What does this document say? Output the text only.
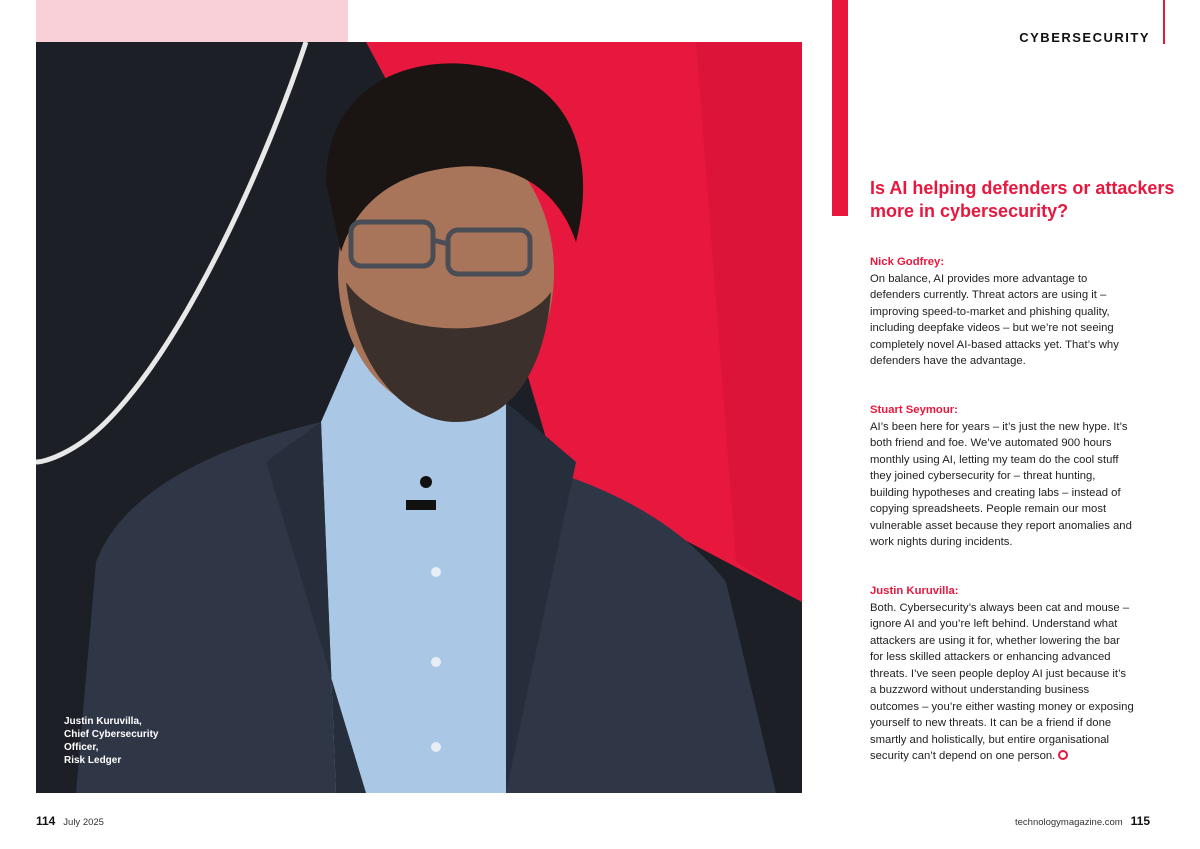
Justin Kuruvilla,
Chief Cybersecurity
Officer,
Risk Ledger
CYBERSECURITY
Is AI helping defenders or attackers more in cybersecurity?
Nick Godfrey:

On balance, AI provides more advantage to defenders currently. Threat actors are using it – improving speed-to-market and phishing quality, including deepfake videos – but we’re not seeing completely novel AI-based attacks yet. That’s why defenders have the advantage.

Stuart Seymour:

AI’s been here for years – it’s just the new hype. It’s both friend and foe. We’ve automated 900 hours monthly using AI, letting my team do the cool stuff they joined cybersecurity for – threat hunting, building hypotheses and creating labs – instead of copying spreadsheets. People remain our most vulnerable asset because they report anomalies and work nights during incidents.

Justin Kuruvilla:

Both. Cybersecurity’s always been cat and mouse – ignore AI and you’re left behind. Understand what attackers are using it for, whether lowering the bar for less skilled attackers or enhancing advanced threats. I’ve seen people deploy AI just because it’s a buzzword without understanding business outcomes – you’re either wasting money or exposing yourself to new threats. It can be a friend if done smartly and holistically, but entire organisational security can’t depend on one person.

114 July 2025	technologymagazine.com 115
